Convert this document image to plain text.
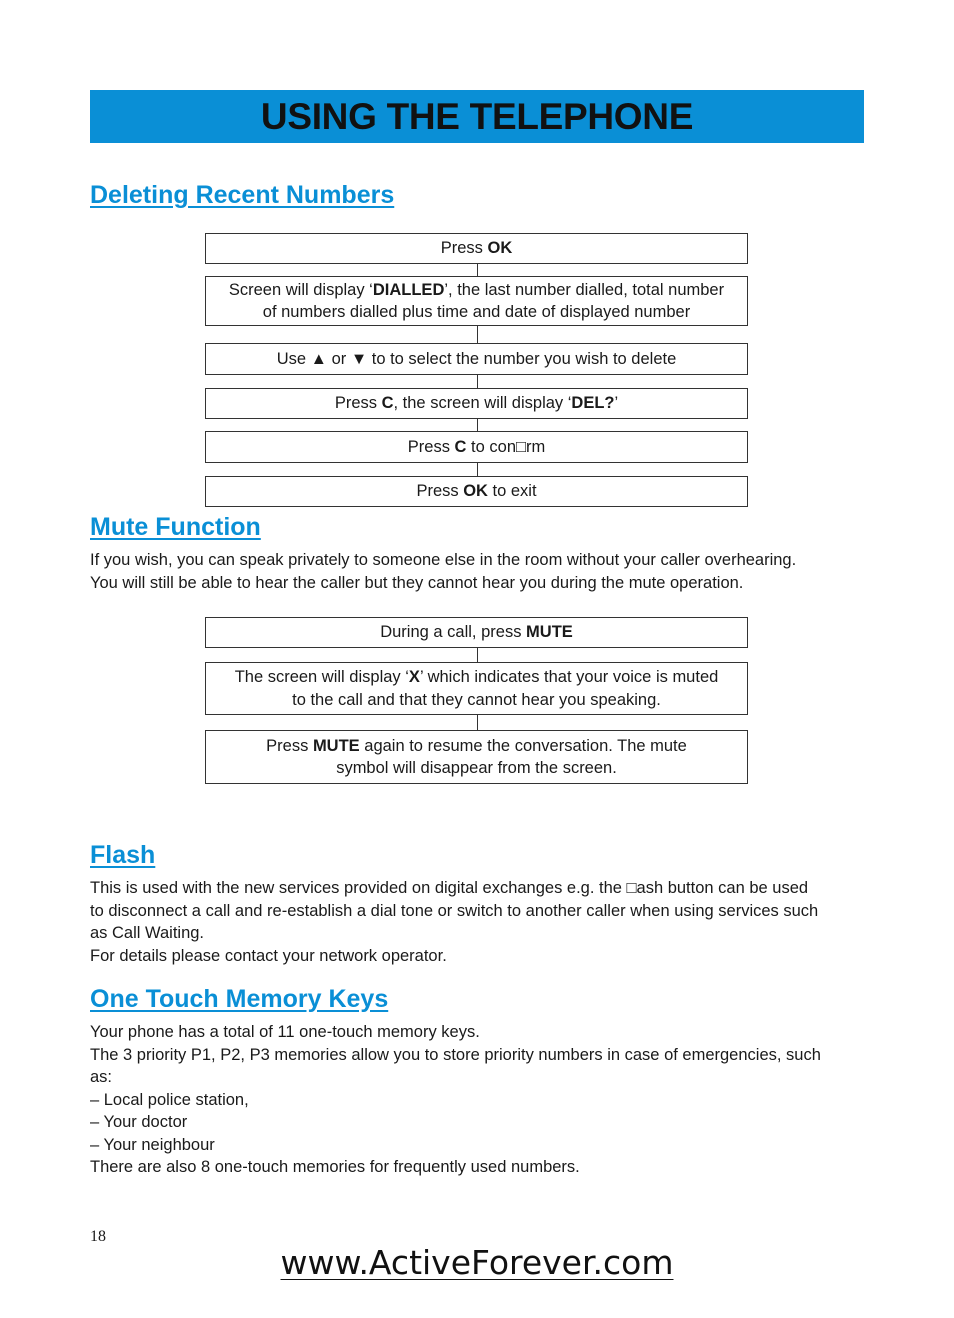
USING THE TELEPHONE
Deleting Recent Numbers
Press OK
Screen will display ‘DIALLED’, the last number dialled, total number
of numbers dialled plus time and date of displayed number
Use ▲ or ▼ to to select the number you wish to delete
Press C, the screen will display ‘DEL?’
Press C to con□rm
Press OK to exit
Mute Function

If you wish, you can speak privately to someone else in the room without your caller overhearing.
You will still be able to hear the caller but they cannot hear you during the mute operation.

During a call, press MUTE
The screen will display ‘X’ which indicates that your voice is muted
to the call and that they cannot hear you speaking.
Press MUTE again to resume the conversation. The mute
symbol will disappear from the screen.
Flash

This is used with the new services provided on digital exchanges e.g. the □ash button can be used
to disconnect a call and re-establish a dial tone or switch to another caller when using services such
as Call Waiting.
For details please contact your network operator.

One Touch Memory Keys

Your phone has a total of 11 one-touch memory keys.
The 3 priority P1, P2, P3 memories allow you to store priority numbers in case of emergencies, such
as:
– Local police station,
– Your doctor
– Your neighbour
There are also 8 one-touch memories for frequently used numbers.

18
www.ActiveForever.com
